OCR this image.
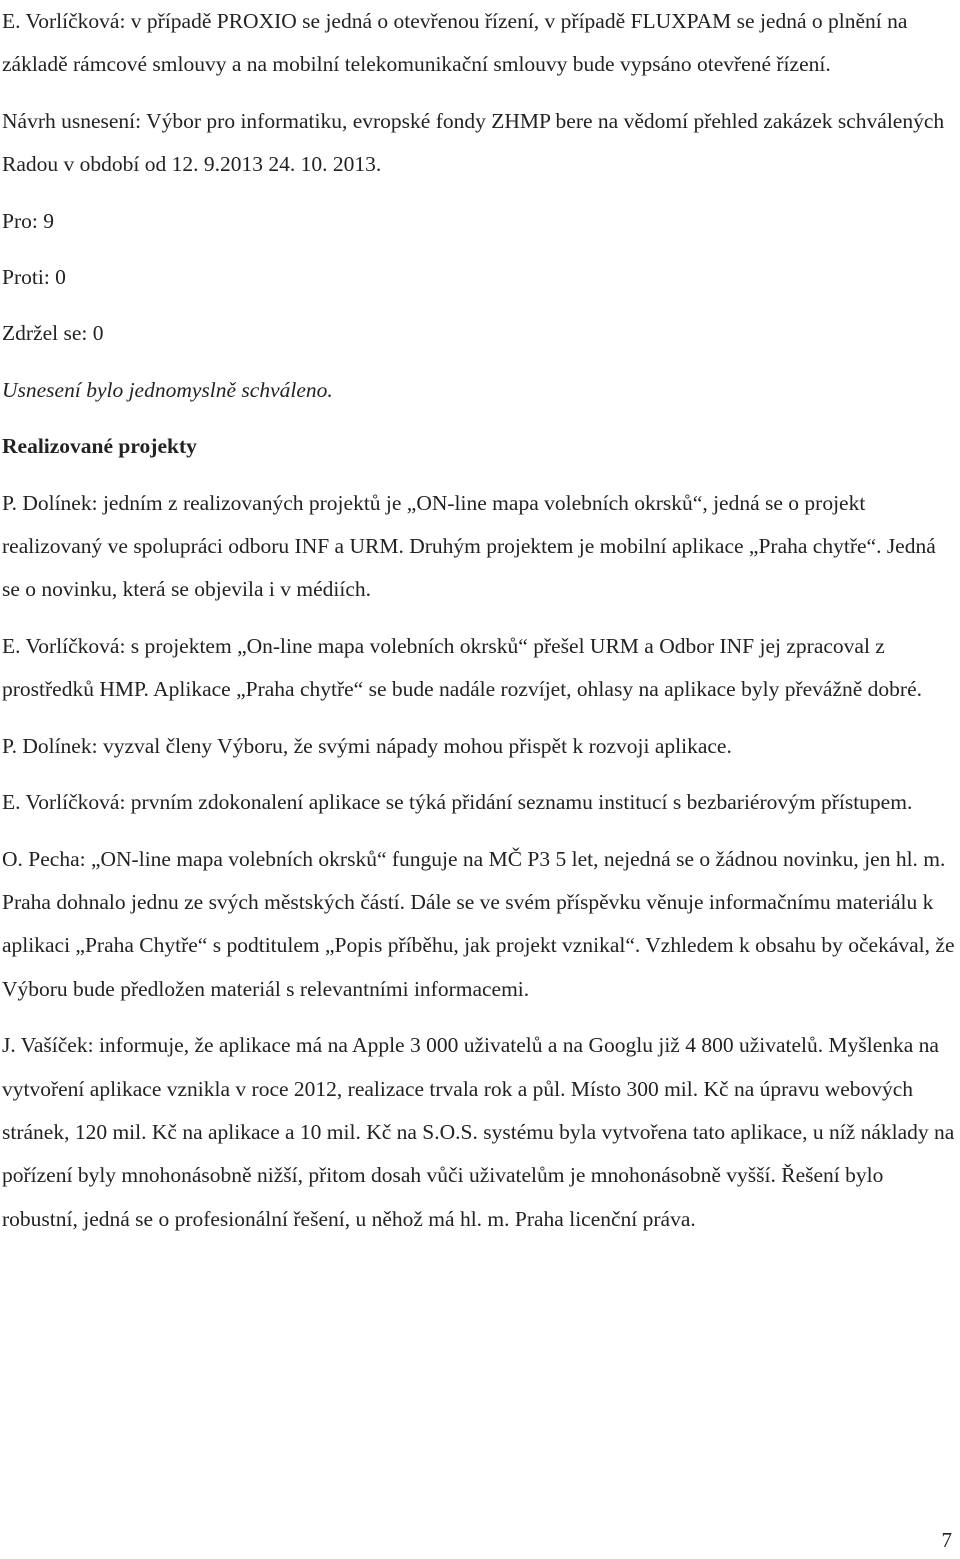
E. Vorlíčková: v případě PROXIO se jedná o otevřenou řízení, v případě FLUXPAM se jedná o plnění na základě rámcové smlouvy a na mobilní telekomunikační smlouvy bude vypsáno otevřené řízení.

Návrh usnesení: Výbor pro informatiku, evropské fondy ZHMP bere na vědomí přehled zakázek schválených Radou v období od 12. 9.2013 24. 10. 2013.

Pro: 9

Proti: 0

Zdržel se: 0

Usnesení bylo jednomyslně schváleno.

Realizované projekty

P. Dolínek: jedním z realizovaných projektů je „ON-line mapa volebních okrsků“, jedná se o projekt realizovaný ve spolupráci odboru INF a URM. Druhým projektem je mobilní aplikace „Praha chytře“. Jedná se o novinku, která se objevila i v médiích.

E. Vorlíčková: s projektem „On-line mapa volebních okrsků“ přešel URM a Odbor INF jej zpracoval z prostředků HMP. Aplikace „Praha chytře“ se bude nadále rozvíjet, ohlasy na aplikace byly převážně dobré.

P. Dolínek: vyzval členy Výboru, že svými nápady mohou přispět k rozvoji aplikace.

E. Vorlíčková: prvním zdokonalení aplikace se týká přidání seznamu institucí s bezbariérovým přístupem.

O. Pecha: „ON-line mapa volebních okrsků“ funguje na MČ P3 5 let, nejedná se o žádnou novinku, jen hl. m. Praha dohnalo jednu ze svých městských částí. Dále se ve svém příspěvku věnuje informačnímu materiálu k aplikaci „Praha Chytře“ s podtitulem „Popis příběhu, jak projekt vznikal“. Vzhledem k obsahu by očekával, že Výboru bude předložen materiál s relevantními informacemi.

J. Vašíček: informuje, že aplikace má na Apple 3 000 uživatelů a na Googlu již 4 800 uživatelů. Myšlenka na vytvoření aplikace vznikla v roce 2012, realizace trvala rok a půl. Místo 300 mil. Kč na úpravu webových stránek, 120 mil. Kč na aplikace a 10 mil. Kč na S.O.S. systému byla vytvořena tato aplikace, u níž náklady na pořízení byly mnohonásobně nižší, přitom dosah vůči uživatelům je mnohonásobně vyšší. Řešení bylo robustní, jedná se o profesionální řešení, u něhož má hl. m. Praha licenční práva.

7
